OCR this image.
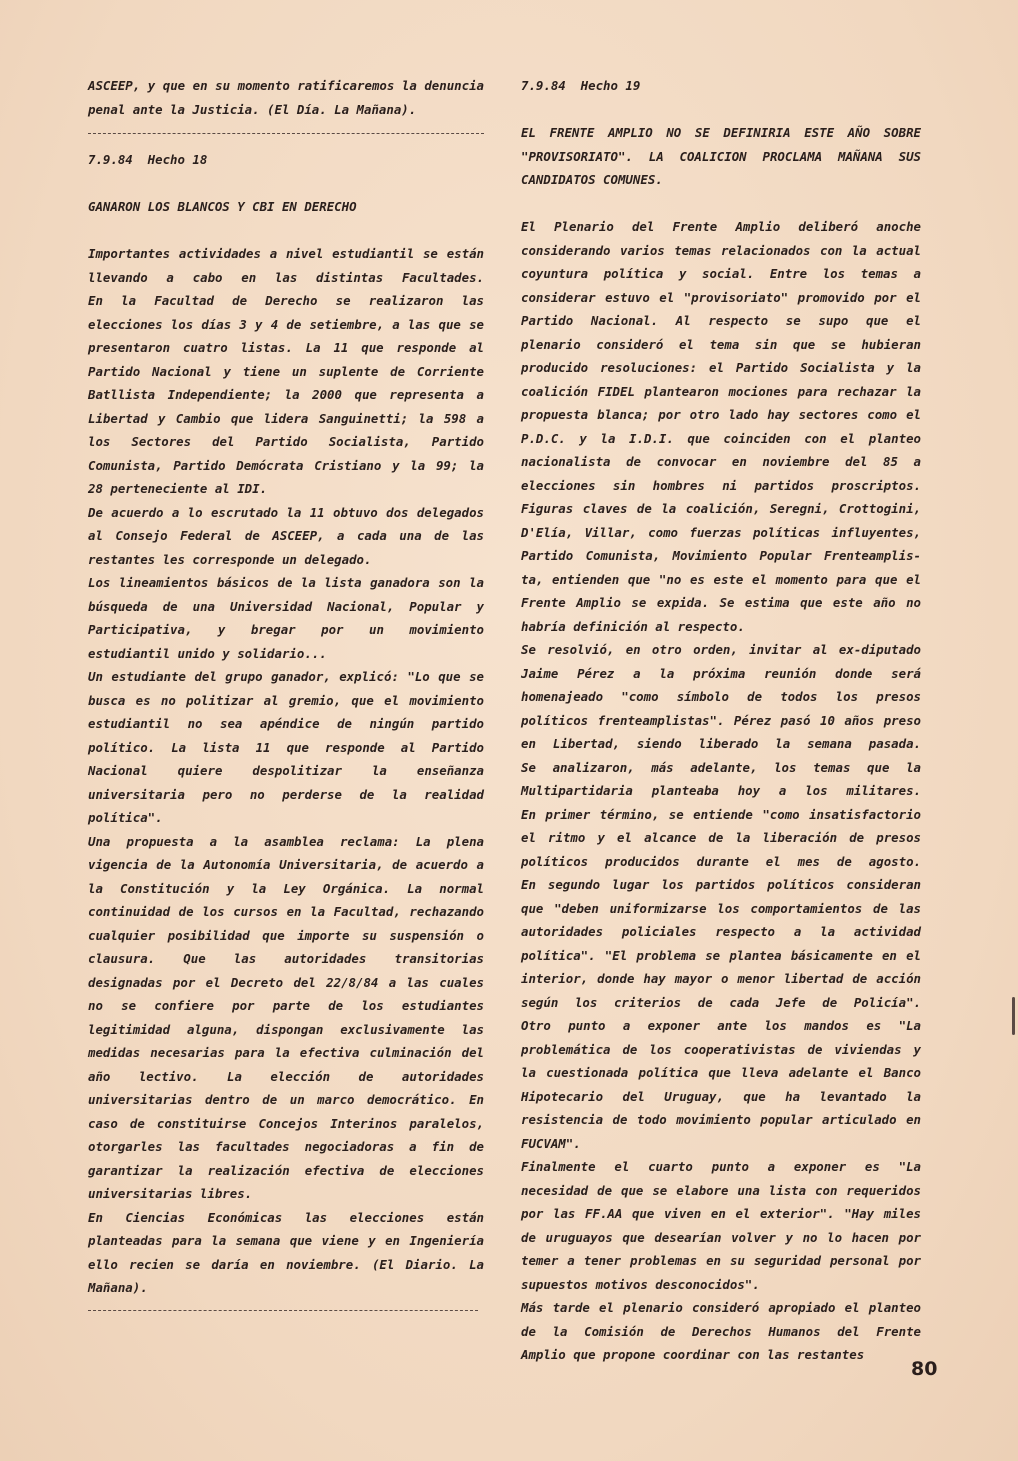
ASCEEP, y que en su momento ratificaremos la denuncia
penal ante la Justicia. (El Día. La Mañana).
7.9.84  Hecho 18
GANARON LOS BLANCOS Y CBI EN DERECHO
Importantes actividades a nivel estudiantil se están
llevando a cabo en las distintas Facultades.
En la Facultad de Derecho se realizaron las
elecciones los días 3 y 4 de setiembre, a las que se
presentaron cuatro listas. La 11 que responde al
Partido Nacional y tiene un suplente de Corriente
Batllista Independiente; la 2000 que representa a
Libertad y Cambio que lidera Sanguinetti; la 598 a
los Sectores del Partido Socialista, Partido
Comunista, Partido Demócrata Cristiano y la 99; la
28 perteneciente al IDI.
De acuerdo a lo escrutado la 11 obtuvo dos delegados
al Consejo Federal de ASCEEP, a cada una de las
restantes les corresponde un delegado.
Los lineamientos básicos de la lista ganadora son la
búsqueda de una Universidad Nacional, Popular y
Participativa, y bregar por un movimiento
estudiantil unido y solidario...
Un estudiante del grupo ganador, explicó: "Lo que se
busca es no politizar al gremio, que el movimiento
estudiantil no sea apéndice de ningún partido
político. La lista 11 que responde al Partido
Nacional quiere despolitizar la enseñanza
universitaria pero no perderse de la realidad
política".
Una propuesta a la asamblea reclama: La plena
vigencia de la Autonomía Universitaria, de acuerdo a
la Constitución y la Ley Orgánica. La normal
continuidad de los cursos en la Facultad, rechazando
cualquier posibilidad que importe su suspensión o
clausura. Que las autoridades transitorias
designadas por el Decreto del 22/8/84 a las cuales
no se confiere por parte de los estudiantes
legitimidad alguna, dispongan exclusivamente las
medidas necesarias para la efectiva culminación del
año lectivo. La elección de autoridades
universitarias dentro de un marco democrático. En
caso de constituirse Concejos Interinos paralelos,
otorgarles las facultades negociadoras a fin de
garantizar la realización efectiva de elecciones
universitarias libres.
En Ciencias Económicas las elecciones están
planteadas para la semana que viene y en Ingeniería
ello recien se daría en noviembre. (El Diario. La
Mañana).
7.9.84  Hecho 19
EL FRENTE AMPLIO NO SE DEFINIRIA ESTE AÑO SOBRE
"PROVISORIATO". LA COALICION PROCLAMA MAÑANA SUS
CANDIDATOS COMUNES.
El Plenario del Frente Amplio deliberó anoche
considerando varios temas relacionados con la actual
coyuntura política y social. Entre los temas a
considerar estuvo el "provisoriato" promovido por el
Partido Nacional. Al respecto se supo que el
plenario consideró el tema sin que se hubieran
producido resoluciones: el Partido Socialista y la
coalición FIDEL plantearon mociones para rechazar la
propuesta blanca; por otro lado hay sectores como el
P.D.C. y la I.D.I. que coinciden con el planteo
nacionalista de convocar en noviembre del 85 a
elecciones sin hombres ni partidos proscriptos.
Figuras claves de la coalición, Seregni, Crottogini,
D'Elía, Villar, como fuerzas políticas influyentes,
Partido Comunista, Movimiento Popular Frenteamplis-
ta, entienden que "no es este el momento para que el
Frente Amplio se expida. Se estima que este año no
habría definición al respecto.
Se resolvió, en otro orden, invitar al ex-diputado
Jaime Pérez a la próxima reunión donde será
homenajeado "como símbolo de todos los presos
políticos frenteamplistas". Pérez pasó 10 años preso
en Libertad, siendo liberado la semana pasada.
Se analizaron, más adelante, los temas que la
Multipartidaria planteaba hoy a los militares.
En primer término, se entiende "como insatisfactorio
el ritmo y el alcance de la liberación de presos
políticos producidos durante el mes de agosto.
En segundo lugar los partidos políticos consideran
que "deben uniformizarse los comportamientos de las
autoridades policiales respecto a la actividad
política". "El problema se plantea básicamente en el
interior, donde hay mayor o menor libertad de acción
según los criterios de cada Jefe de Policía".
Otro punto a exponer ante los mandos es "La
problemática de los cooperativistas de viviendas y
la cuestionada política que lleva adelante el Banco
Hipotecario del Uruguay, que ha levantado la
resistencia de todo movimiento popular articulado en
FUCVAM".
Finalmente el cuarto punto a exponer es "La
necesidad de que se elabore una lista con requeridos
por las FF.AA que viven en el exterior". "Hay miles
de uruguayos que desearían volver y no lo hacen por
temer a tener problemas en su seguridad personal por
supuestos motivos desconocidos".
Más tarde el plenario consideró apropiado el planteo
de la Comisión de Derechos Humanos del Frente
Amplio que propone coordinar con las restantes
80
